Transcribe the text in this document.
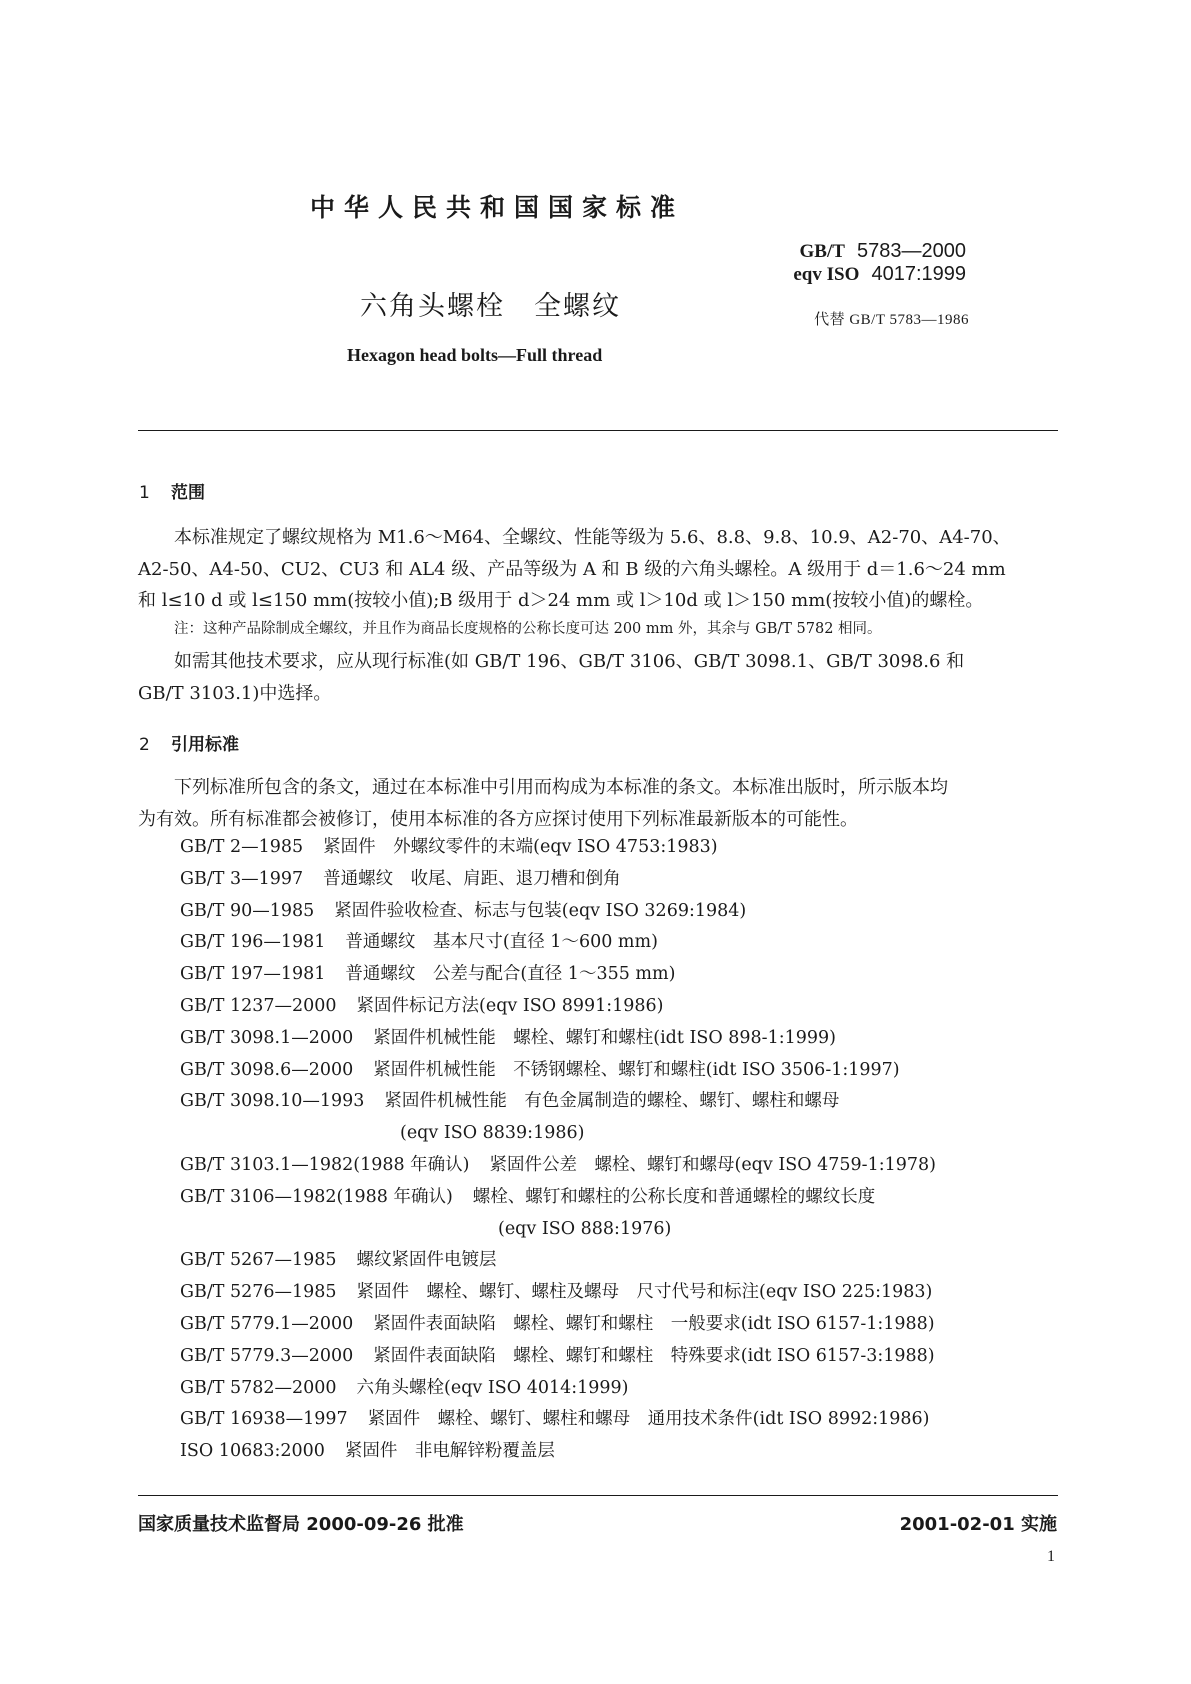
中华人民共和国国家标准
GB/T 5783—2000
eqv ISO 4017:1999
代替 GB/T 5783—1986
六角头螺栓　全螺纹
Hexagon head bolts—Full thread
1 范围
本标准规定了螺纹规格为 M1.6～M64、全螺纹、性能等级为 5.6、8.8、9.8、10.9、A2-70、A4-70、
A2-50、A4-50、CU2、CU3 和 AL4 级、产品等级为 A 和 B 级的六角头螺栓。A 级用于 d＝1.6～24 mm
和 l≤10 d 或 l≤150 mm(按较小值);B 级用于 d＞24 mm 或 l＞10d 或 l＞150 mm(按较小值)的螺栓。
注：这种产品除制成全螺纹，并且作为商品长度规格的公称长度可达 200 mm 外，其余与 GB/T 5782 相同。
如需其他技术要求，应从现行标准(如 GB/T 196、GB/T 3106、GB/T 3098.1、GB/T 3098.6 和
GB/T 3103.1)中选择。
2 引用标准
下列标准所包含的条文，通过在本标准中引用而构成为本标准的条文。本标准出版时，所示版本均
为有效。所有标准都会被修订，使用本标准的各方应探讨使用下列标准最新版本的可能性。
GB/T 2—1985 紧固件　外螺纹零件的末端(eqv ISO 4753:1983)
GB/T 3—1997 普通螺纹　收尾、肩距、退刀槽和倒角
GB/T 90—1985 紧固件验收检查、标志与包装(eqv ISO 3269:1984)
GB/T 196—1981 普通螺纹　基本尺寸(直径 1～600 mm)
GB/T 197—1981 普通螺纹　公差与配合(直径 1～355 mm)
GB/T 1237—2000 紧固件标记方法(eqv ISO 8991:1986)
GB/T 3098.1—2000 紧固件机械性能　螺栓、螺钉和螺柱(idt ISO 898-1:1999)
GB/T 3098.6—2000 紧固件机械性能　不锈钢螺栓、螺钉和螺柱(idt ISO 3506-1:1997)
GB/T 3098.10—1993 紧固件机械性能　有色金属制造的螺栓、螺钉、螺柱和螺母
(eqv ISO 8839:1986)
GB/T 3103.1—1982(1988 年确认) 紧固件公差　螺栓、螺钉和螺母(eqv ISO 4759-1:1978)
GB/T 3106—1982(1988 年确认) 螺栓、螺钉和螺柱的公称长度和普通螺栓的螺纹长度
(eqv ISO 888:1976)
GB/T 5267—1985 螺纹紧固件电镀层
GB/T 5276—1985 紧固件　螺栓、螺钉、螺柱及螺母　尺寸代号和标注(eqv ISO 225:1983)
GB/T 5779.1—2000 紧固件表面缺陷　螺栓、螺钉和螺柱　一般要求(idt ISO 6157-1:1988)
GB/T 5779.3—2000 紧固件表面缺陷　螺栓、螺钉和螺柱　特殊要求(idt ISO 6157-3:1988)
GB/T 5782—2000 六角头螺栓(eqv ISO 4014:1999)
GB/T 16938—1997 紧固件　螺栓、螺钉、螺柱和螺母　通用技术条件(idt ISO 8992:1986)
ISO 10683:2000 紧固件　非电解锌粉覆盖层
国家质量技术监督局 2000-09-26 批准	2001-02-01 实施
1
